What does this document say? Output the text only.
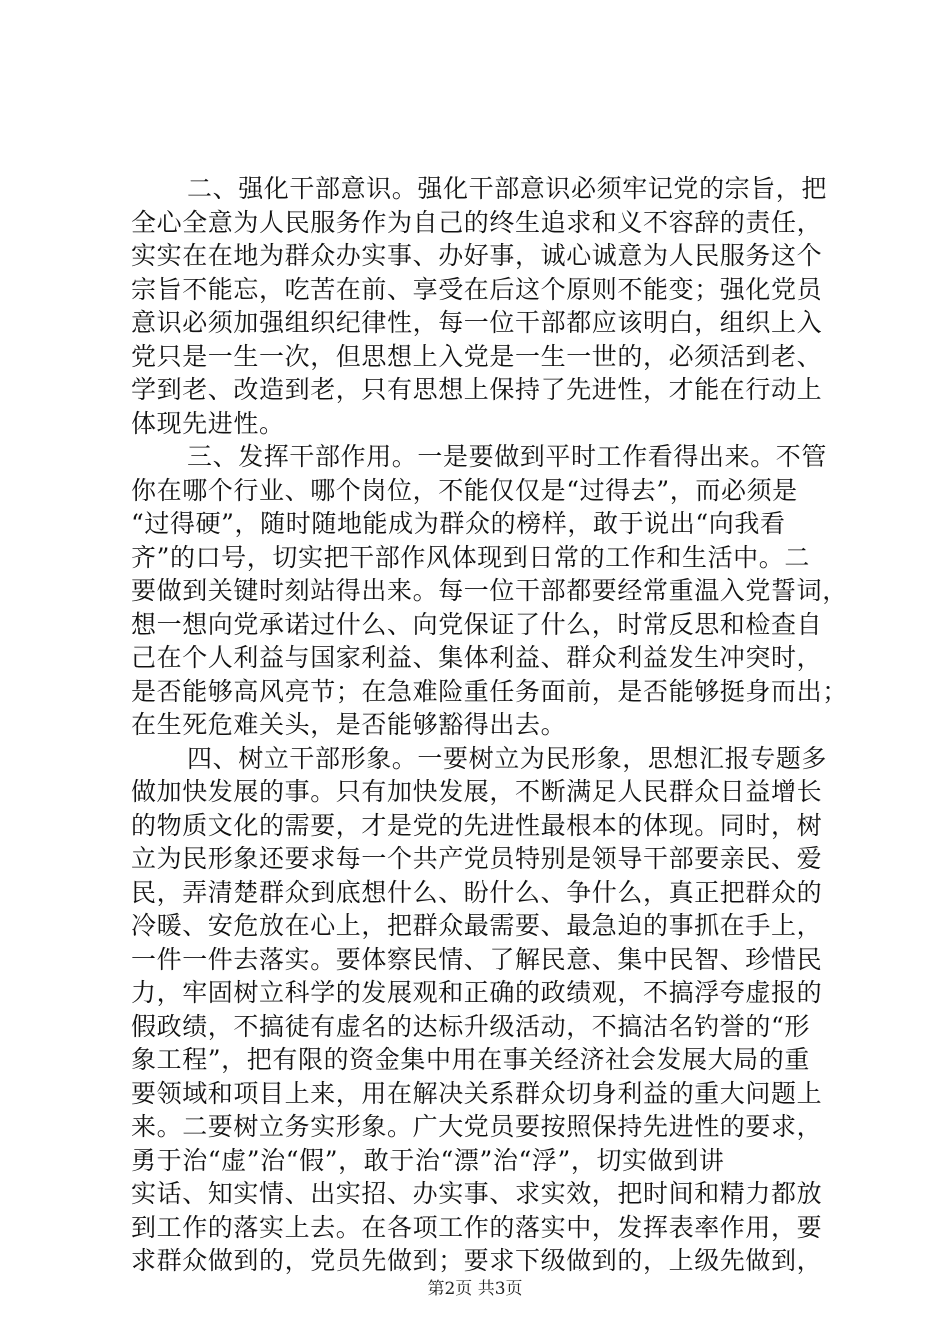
二、强化干部意识。强化干部意识必须牢记党的宗旨，把
全心全意为人民服务作为自己的终生追求和义不容辞的责任，
实实在在地为群众办实事、办好事，诚心诚意为人民服务这个
宗旨不能忘，吃苦在前、享受在后这个原则不能变；强化党员
意识必须加强组织纪律性，每一位干部都应该明白，组织上入
党只是一生一次，但思想上入党是一生一世的，必须活到老、
学到老、改造到老，只有思想上保持了先进性，才能在行动上
体现先进性。

三、发挥干部作用。一是要做到平时工作看得出来。不管
你在哪个行业、哪个岗位，不能仅仅是“过得去”，而必须是
“过得硬”，随时随地能成为群众的榜样，敢于说出“向我看
齐”的口号，切实把干部作风体现到日常的工作和生活中。二
要做到关键时刻站得出来。每一位干部都要经常重温入党誓词，
想一想向党承诺过什么、向党保证了什么，时常反思和检查自
己在个人利益与国家利益、集体利益、群众利益发生冲突时，
是否能够高风亮节；在急难险重任务面前，是否能够挺身而出；
在生死危难关头，是否能够豁得出去。

四、树立干部形象。一要树立为民形象，思想汇报专题多
做加快发展的事。只有加快发展，不断满足人民群众日益增长
的物质文化的需要，才是党的先进性最根本的体现。同时，树
立为民形象还要求每一个共产党员特别是领导干部要亲民、爱
民，弄清楚群众到底想什么、盼什么、争什么，真正把群众的
冷暖、安危放在心上，把群众最需要、最急迫的事抓在手上，
一件一件去落实。要体察民情、了解民意、集中民智、珍惜民
力，牢固树立科学的发展观和正确的政绩观，不搞浮夸虚报的
假政绩，不搞徒有虚名的达标升级活动，不搞沽名钓誉的“形
象工程”，把有限的资金集中用在事关经济社会发展大局的重
要领域和项目上来，用在解决关系群众切身利益的重大问题上
来。二要树立务实形象。广大党员要按照保持先进性的要求，
勇于治“虚”治“假”，敢于治“漂”治“浮”，切实做到讲
实话、知实情、出实招、办实事、求实效，把时间和精力都放
到工作的落实上去。在各项工作的落实中，发挥表率作用，要
求群众做到的，党员先做到；要求下级做到的，上级先做到，

第2页 共3页
